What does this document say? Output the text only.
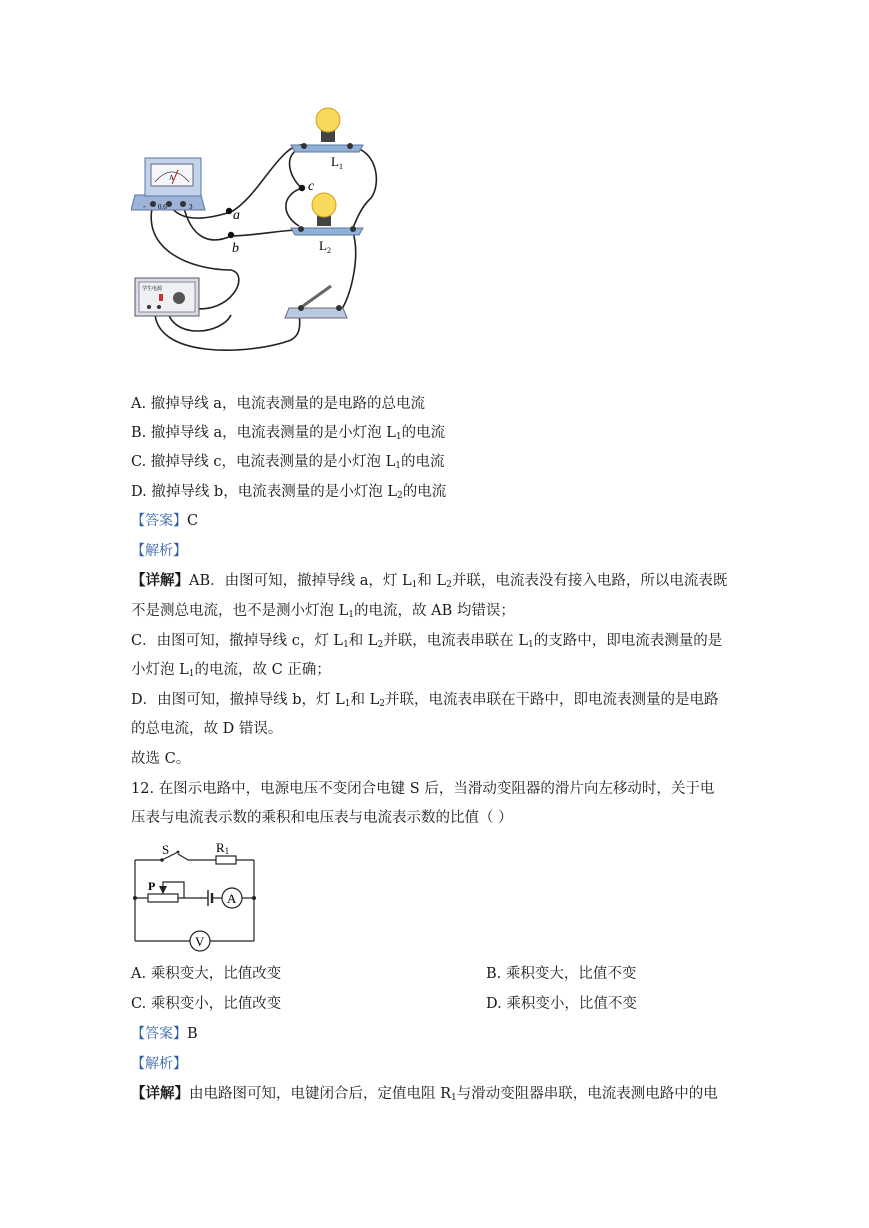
a
b
c
- 0.6	3
A
$L_1$
$L_2$
学生电源
A. 撤掉导线 a，电流表测量的是电路的总电流
B. 撤掉导线 a，电流表测量的是小灯泡 $L_1$的电流
C. 撤掉导线 c，电流表测量的是小灯泡 $L_1$的电流
D. 撤掉导线 b，电流表测量的是小灯泡 $L_2$的电流
【答案】C
【解析】
【详解】AB．由图可知，撤掉导线 a，灯 $L_1$和 $L_2$并联，电流表没有接入电路，所以电流表既
不是测总电流，也不是测小灯泡 $L_1$的电流，故 AB 均错误；
C．由图可知，撤掉导线 c，灯 $L_1$和 $L_2$并联，电流表串联在 $L_1$的支路中，即电流表测量的是
小灯泡 $L_1$的电流，故 C 正确；
D．由图可知，撤掉导线 b，灯 $L_1$和 $L_2$并联，电流表串联在干路中，即电流表测量的是电路
的总电流，故 D 错误。
故选 C。
12. 在图示电路中，电源电压不变闭合电键 S 后，当滑动变阻器的滑片向左移动时，关于电
压表与电流表示数的乘积和电压表与电流表示数的比值（ ）
S	R1
P
A
V
A. 乘积变大，比值改变	B. 乘积变大，比值不变
C. 乘积变小，比值改变	D. 乘积变小，比值不变
【答案】B
【解析】
【详解】由电路图可知，电键闭合后，定值电阻 $R_1$与滑动变阻器串联，电流表测电路中的电
